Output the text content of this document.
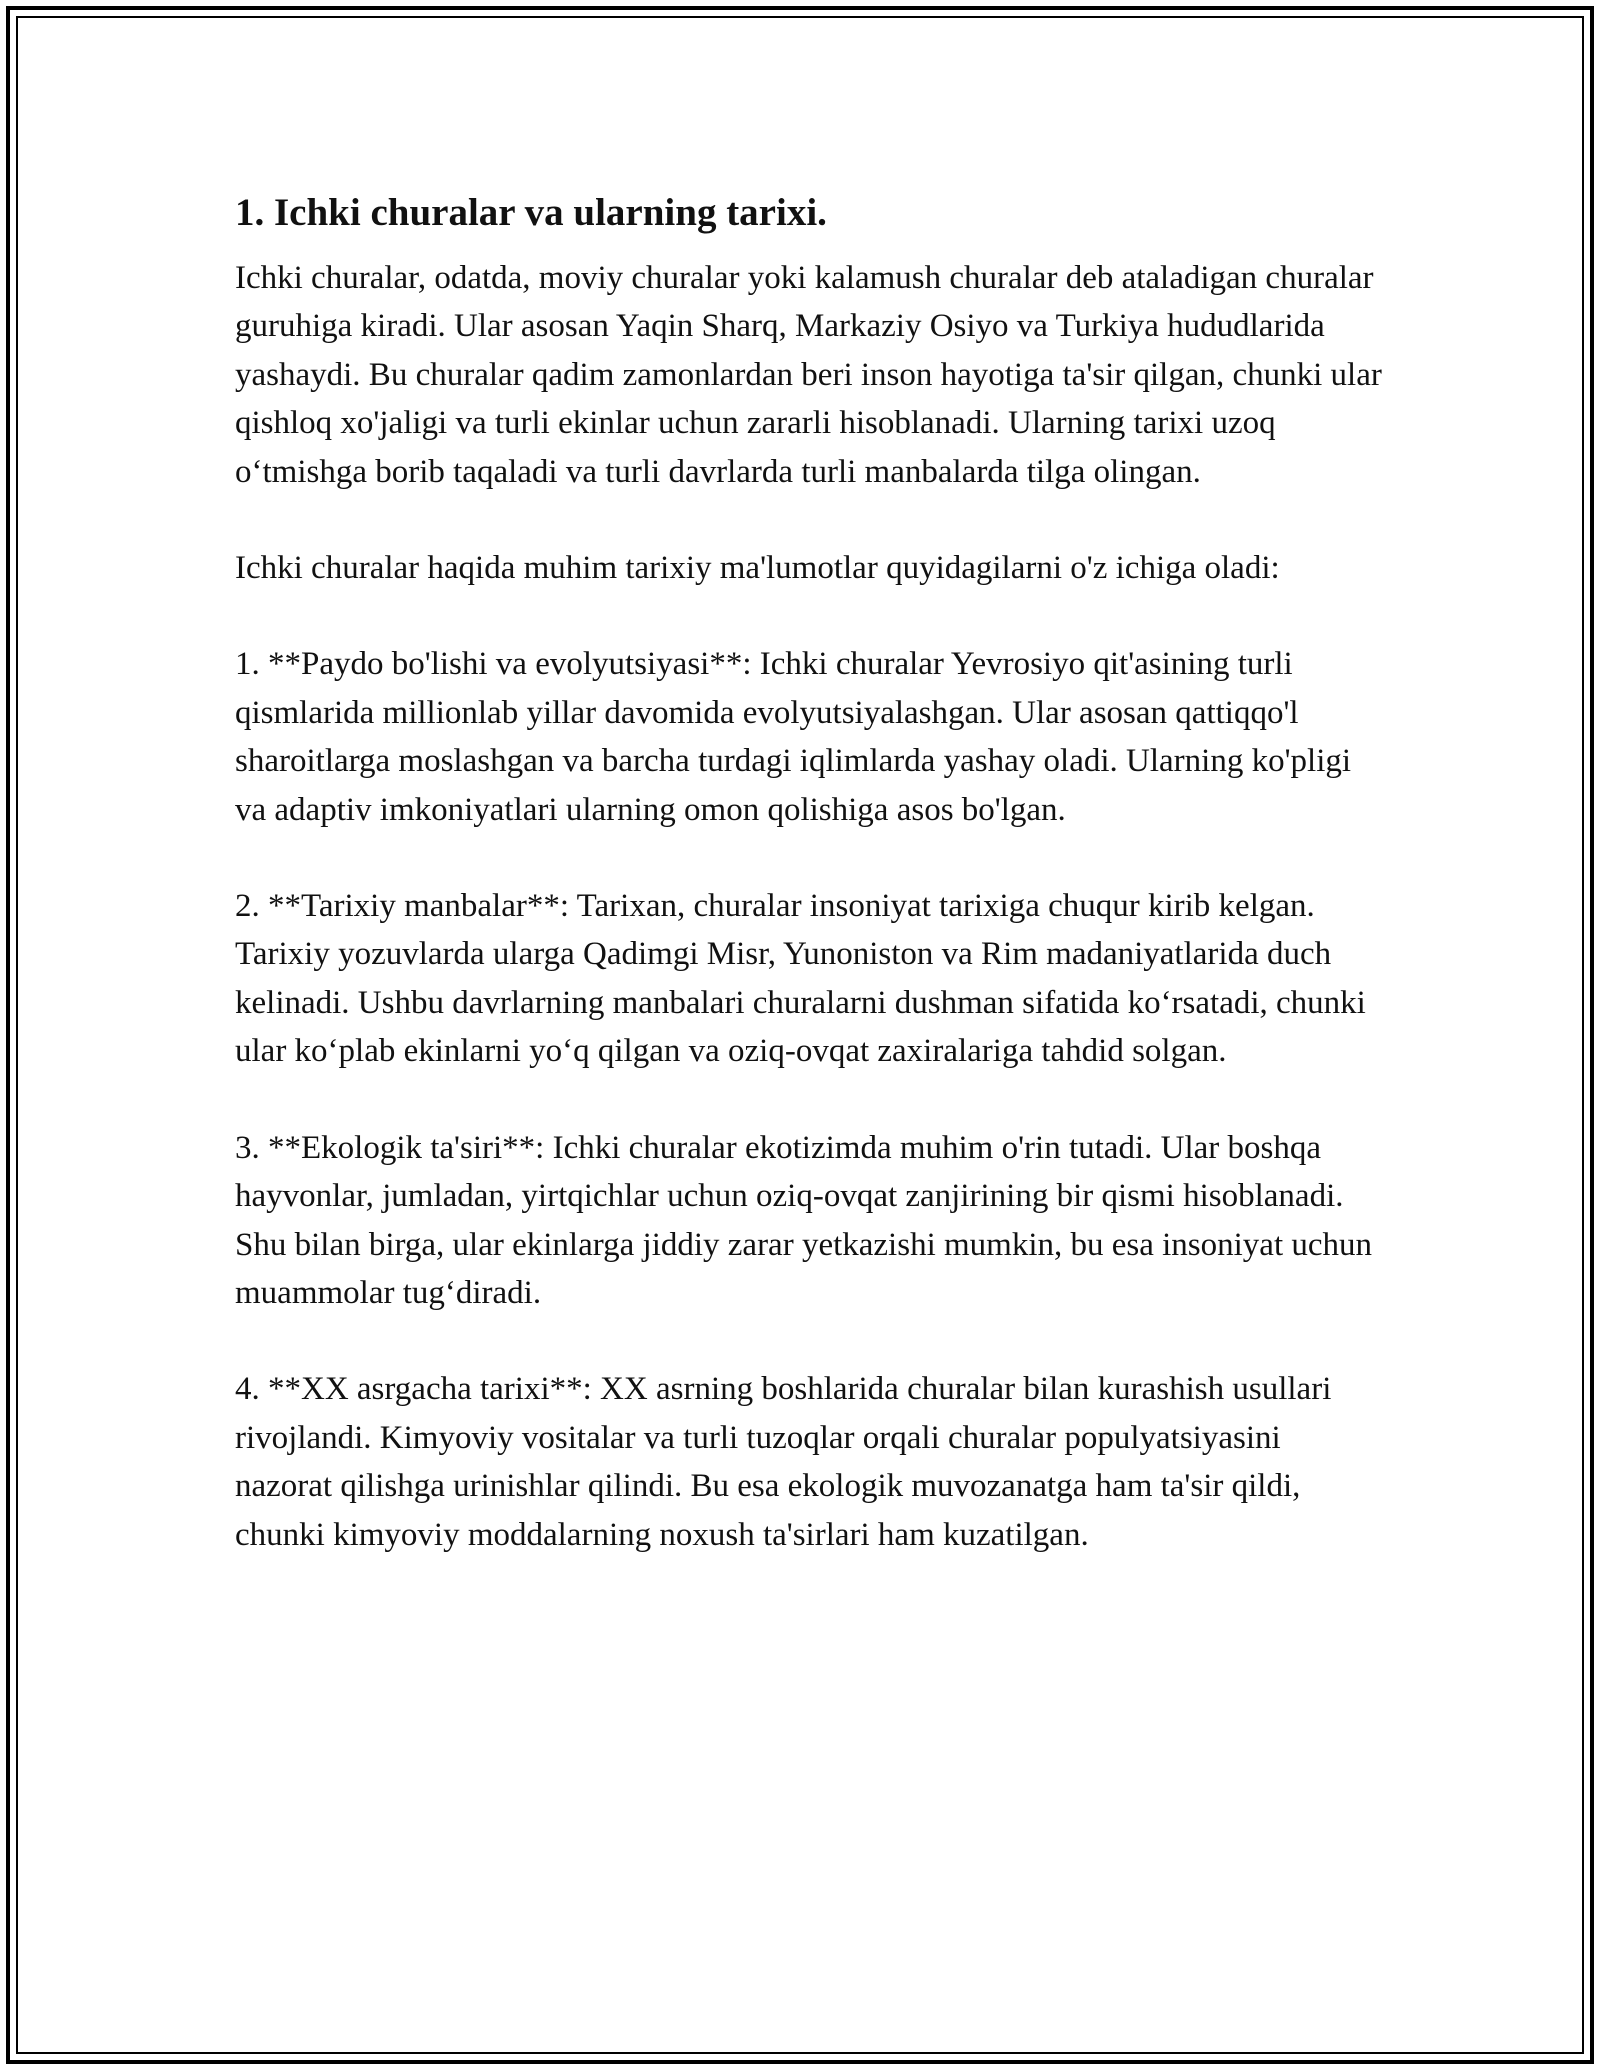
1. Ichki churalar va ularning tarixi.

Ichki churalar, odatda, moviy churalar yoki kalamush churalar deb ataladigan churalar guruhiga kiradi. Ular asosan Yaqin Sharq, Markaziy Osiyo va Turkiya hududlarida yashaydi. Bu churalar qadim zamonlardan beri inson hayotiga ta'sir qilgan, chunki ular qishloq xo'jaligi va turli ekinlar uchun zararli hisoblanadi. Ularning tarixi uzoq o‘tmishga borib taqaladi va turli davrlarda turli manbalarda tilga olingan.

Ichki churalar haqida muhim tarixiy ma'lumotlar quyidagilarni o'z ichiga oladi:

1. **Paydo bo'lishi va evolyutsiyasi**: Ichki churalar Yevrosiyo qit'asining turli qismlarida millionlab yillar davomida evolyutsiyalashgan. Ular asosan qattiqqo'l sharoitlarga moslashgan va barcha turdagi iqlimlarda yashay oladi. Ularning ko'pligi va adaptiv imkoniyatlari ularning omon qolishiga asos bo'lgan.

2. **Tarixiy manbalar**: Tarixan, churalar insoniyat tarixiga chuqur kirib kelgan. Tarixiy yozuvlarda ularga Qadimgi Misr, Yunoniston va Rim madaniyatlarida duch kelinadi. Ushbu davrlarning manbalari churalarni dushman sifatida ko‘rsatadi, chunki ular ko‘plab ekinlarni yo‘q qilgan va oziq-ovqat zaxiralariga tahdid solgan.

3. **Ekologik ta'siri**: Ichki churalar ekotizimda muhim o'rin tutadi. Ular boshqa hayvonlar, jumladan, yirtqichlar uchun oziq-ovqat zanjirining bir qismi hisoblanadi. Shu bilan birga, ular ekinlarga jiddiy zarar yetkazishi mumkin, bu esa insoniyat uchun muammolar tug‘diradi.

4. **XX asrgacha tarixi**: XX asrning boshlarida churalar bilan kurashish usullari rivojlandi. Kimyoviy vositalar va turli tuzoqlar orqali churalar populyatsiyasini nazorat qilishga urinishlar qilindi. Bu esa ekologik muvozanatga ham ta'sir qildi, chunki kimyoviy moddalarning noxush ta'sirlari ham kuzatilgan.
